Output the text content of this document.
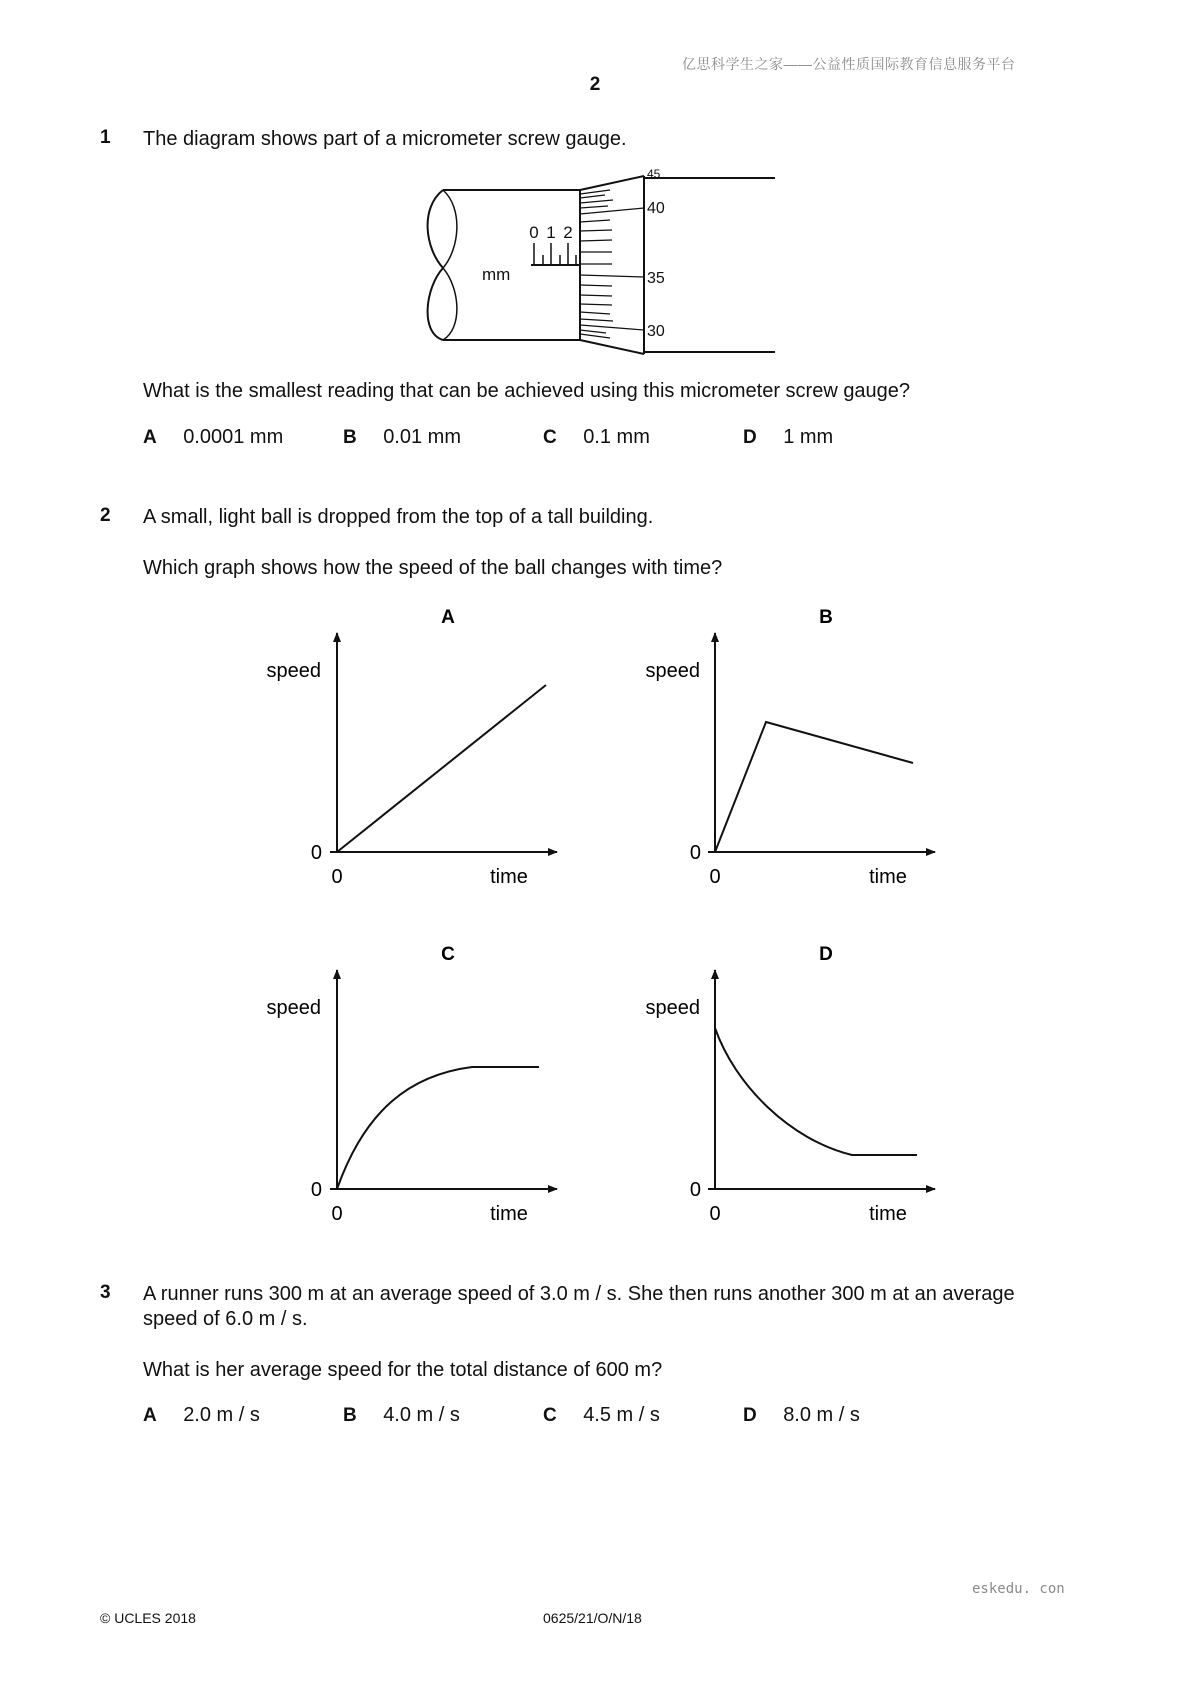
亿思科学生之家——公益性质国际教育信息服务平台
2
1 The diagram shows part of a micrometer screw gauge.
0 1 2
mm
45
40
35
30
What is the smallest reading that can be achieved using this micrometer screw gauge?
A 0.0001 mm	B 0.01 mm	C 0.1 mm	D 1 mm
2 A small, light ball is dropped from the top of a tall building.
Which graph shows how the speed of the ball changes with time?
A
speed
0
0	time
B
speed
0
0	time
C
speed
0
0	time
D
speed
0
0	time
3 A runner runs 300 m at an average speed of 3.0 m / s. She then runs another 300 m at an average
speed of 6.0 m / s.
What is her average speed for the total distance of 600 m?
A 2.0 m / s	B 4.0 m / s	C 4.5 m / s	D 8.0 m / s
eskedu. con
© UCLES 2018	0625/21/O/N/18
